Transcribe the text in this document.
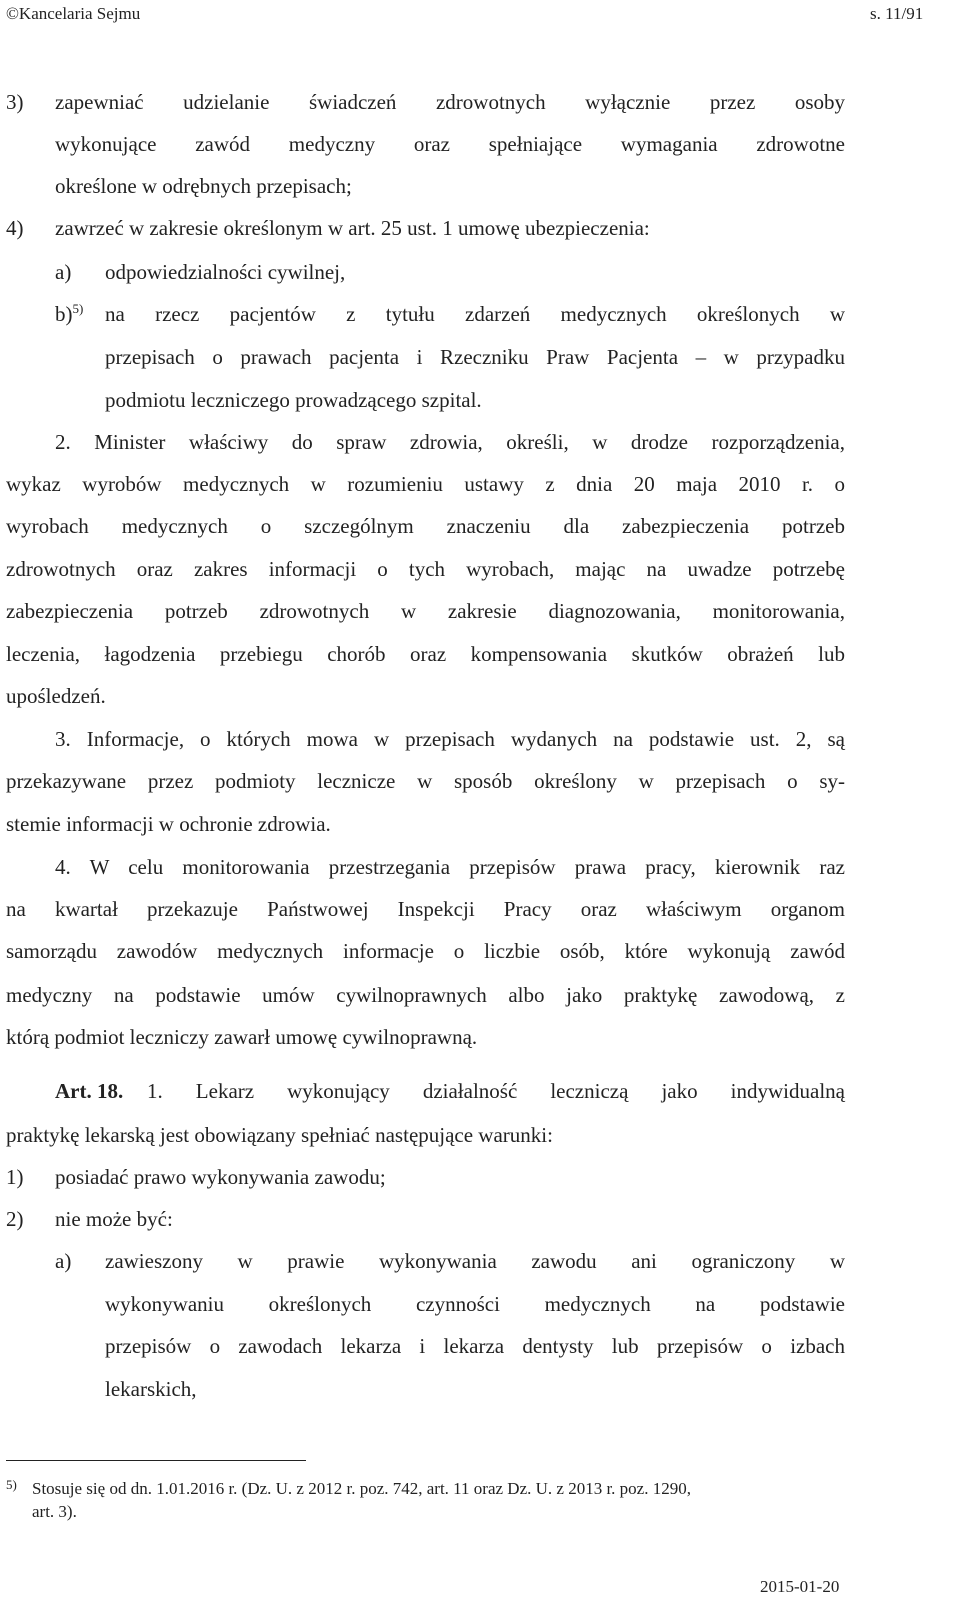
©Kancelaria Sejmu	s. 11/91
3) zapewniać udzielanie świadczeń zdrowotnych wyłącznie przez osoby
wykonujące zawód medyczny oraz spełniające wymagania zdrowotne
określone w odrębnych przepisach;
4) zawrzeć w zakresie określonym w art. 25 ust. 1 umowę ubezpieczenia:
a) odpowiedzialności cywilnej,
b)$^{5)}$ na rzecz pacjentów z tytułu zdarzeń medycznych określonych w
przepisach o prawach pacjenta i Rzeczniku Praw Pacjenta – w przypadku
podmiotu leczniczego prowadzącego szpital.
2. Minister właściwy do spraw zdrowia, określi, w drodze rozporządzenia,
wykaz wyrobów medycznych w rozumieniu ustawy z dnia 20 maja 2010 r. o
wyrobach medycznych o szczególnym znaczeniu dla zabezpieczenia potrzeb
zdrowotnych oraz zakres informacji o tych wyrobach, mając na uwadze potrzebę
zabezpieczenia potrzeb zdrowotnych w zakresie diagnozowania, monitorowania,
leczenia, łagodzenia przebiegu chorób oraz kompensowania skutków obrażeń lub
upośledzeń.
3. Informacje, o których mowa w przepisach wydanych na podstawie ust. 2, są
przekazywane przez podmioty lecznicze w sposób określony w przepisach o sy-
stemie informacji w ochronie zdrowia.
4. W celu monitorowania przestrzegania przepisów prawa pracy, kierownik raz
na kwartał przekazuje Państwowej Inspekcji Pracy oraz właściwym organom
samorządu zawodów medycznych informacje o liczbie osób, które wykonują zawód
medyczny na podstawie umów cywilnoprawnych albo jako praktykę zawodową, z
którą podmiot leczniczy zawarł umowę cywilnoprawną.
Art. 18. 1. Lekarz wykonujący działalność leczniczą jako indywidualną
praktykę lekarską jest obowiązany spełniać następujące warunki:
1) posiadać prawo wykonywania zawodu;
2) nie może być:
a) zawieszony w prawie wykonywania zawodu ani ograniczony w
wykonywaniu określonych czynności medycznych na podstawie
przepisów o zawodach lekarza i lekarza dentysty lub przepisów o izbach
lekarskich,
5) Stosuje się od dn. 1.01.2016 r. (Dz. U. z 2012 r. poz. 742, art. 11 oraz Dz. U. z 2013 r. poz. 1290,
art. 3).
2015-01-20
